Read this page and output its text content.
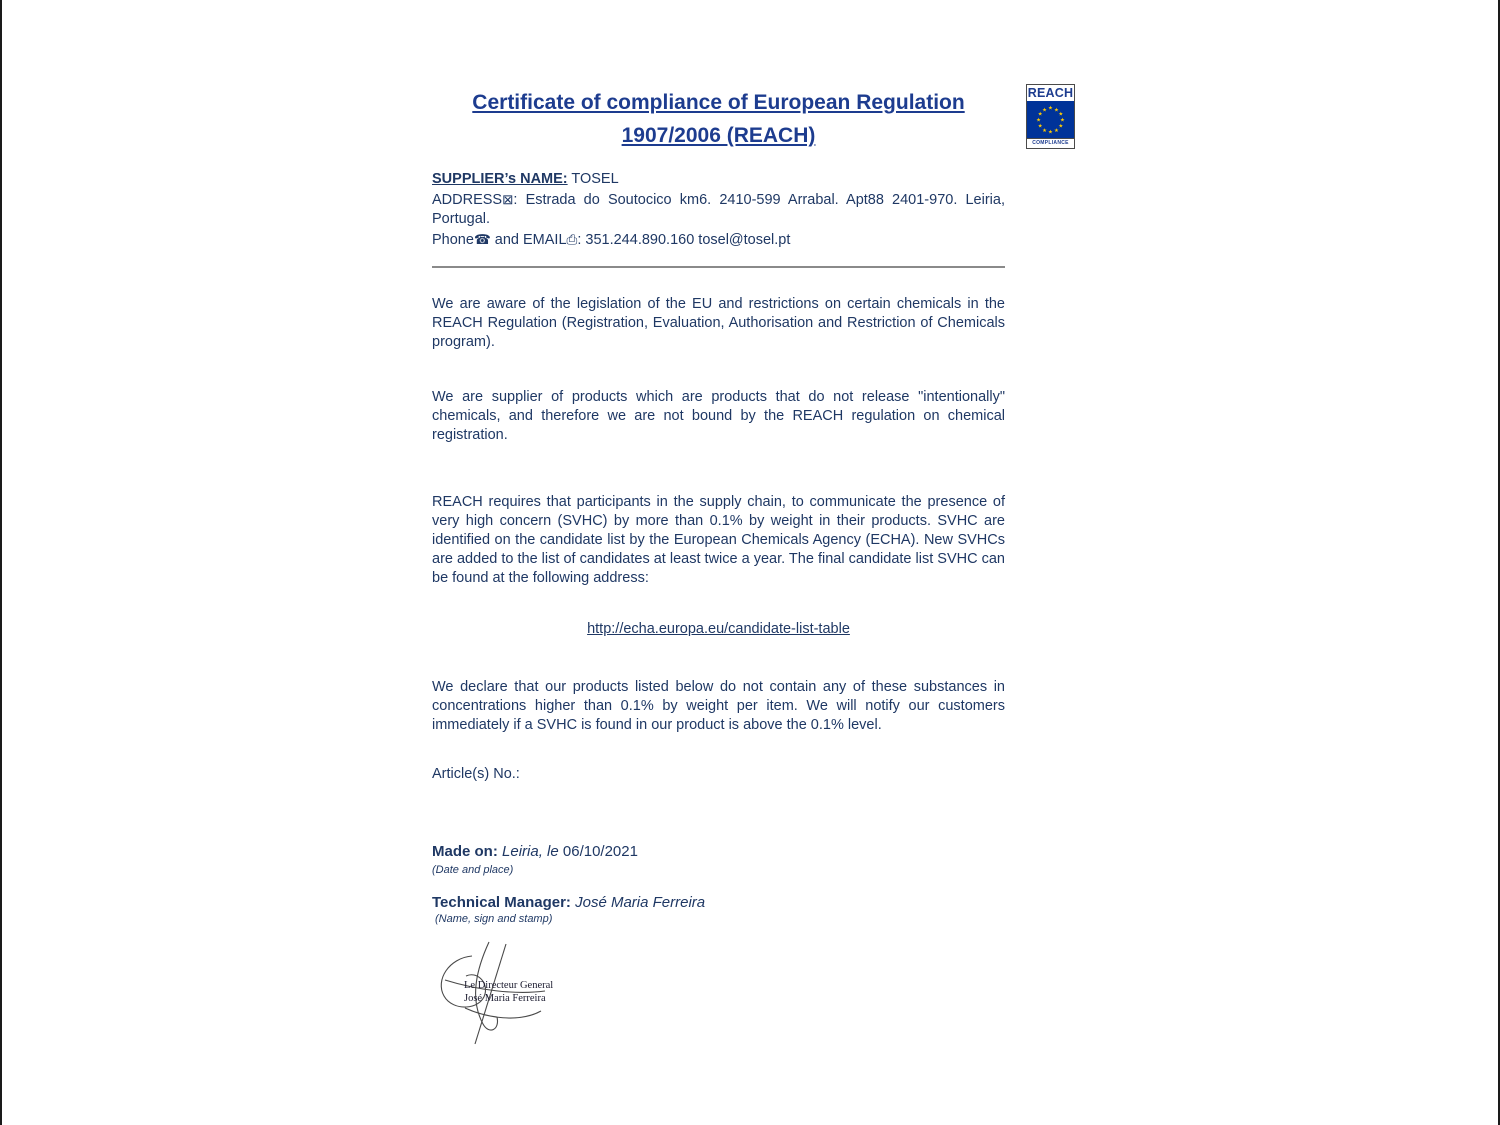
Certificate of compliance of European Regulation
1907/2006 (REACH)
REACH
★ ★
★
★
★
★
★
★
★
★
★
★
COMPLIANCE
SUPPLIER’s NAME: TOSEL
ADDRESS⊠: Estrada do Soutocico km6. 2410-599 Arrabal. Apt88 2401-970. Leiria, Portugal.
Phone☎ and EMAIL⎙: 351.244.890.160 tosel@tosel.pt
We are aware of the legislation of the EU and restrictions on certain chemicals in the REACH Regulation (Registration, Evaluation, Authorisation and Restriction of Chemicals program).
We are supplier of products which are products that do not release "intentionally" chemicals, and therefore we are not bound by the REACH regulation on chemical registration.
REACH requires that participants in the supply chain, to communicate the presence of very high concern (SVHC) by more than 0.1% by weight in their products. SVHC are identified on the candidate list by the European Chemicals Agency (ECHA). New SVHCs are added to the list of candidates at least twice a year. The final candidate list SVHC can be found at the following address:
http://echa.europa.eu/candidate-list-table
We declare that our products listed below do not contain any of these substances in concentrations higher than 0.1% by weight per item. We will notify our customers immediately if a SVHC is found in our product is above the 0.1% level.
Article(s) No.:
Made on: Leiria, le 06/10/2021
(Date and place)
Technical Manager: José Maria Ferreira
(Name, sign and stamp)
Le Directeur General
José Maria Ferreira
